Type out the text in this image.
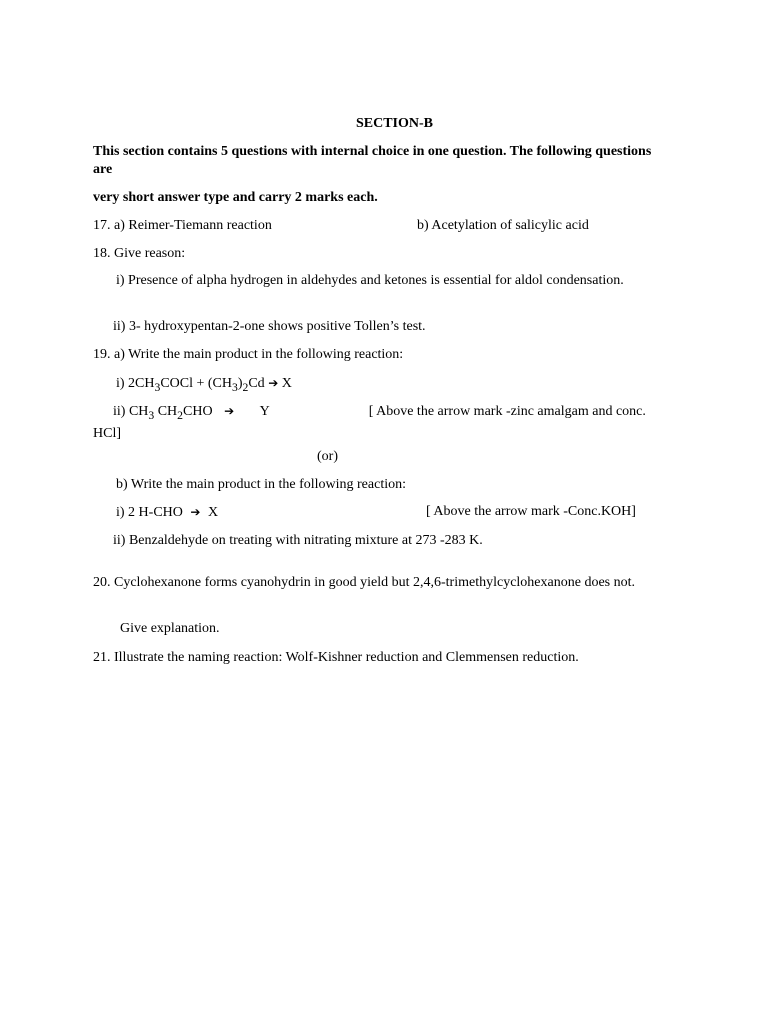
SECTION-B
This section contains 5 questions with internal choice in one question. The following questions are
very short answer type and carry 2 marks each.
17. a) Reimer-Tiemann reaction	b) Acetylation of salicylic acid
18. Give reason:
i) Presence of alpha hydrogen in aldehydes and ketones is essential for aldol condensation.
ii) 3- hydroxypentan-2-one shows positive Tollen’s test.
19. a) Write the main product in the following reaction:
i) $2CH_3COCl + (CH_3)_2Cd$ ➔ X
ii) $CH_3$ $CH_2CHO$ ➔ Y	[ Above the arrow mark -zinc amalgam and conc. HCl]
(or)
b) Write the main product in the following reaction:
i) 2 H-CHO ➔ X	[ Above the arrow mark -Conc.KOH]
ii) Benzaldehyde on treating with nitrating mixture at 273 -283 K.
20. Cyclohexanone forms cyanohydrin in good yield but 2,4,6-trimethylcyclohexanone does not.
Give explanation.
21. Illustrate the naming reaction: Wolf-Kishner reduction and Clemmensen reduction.
